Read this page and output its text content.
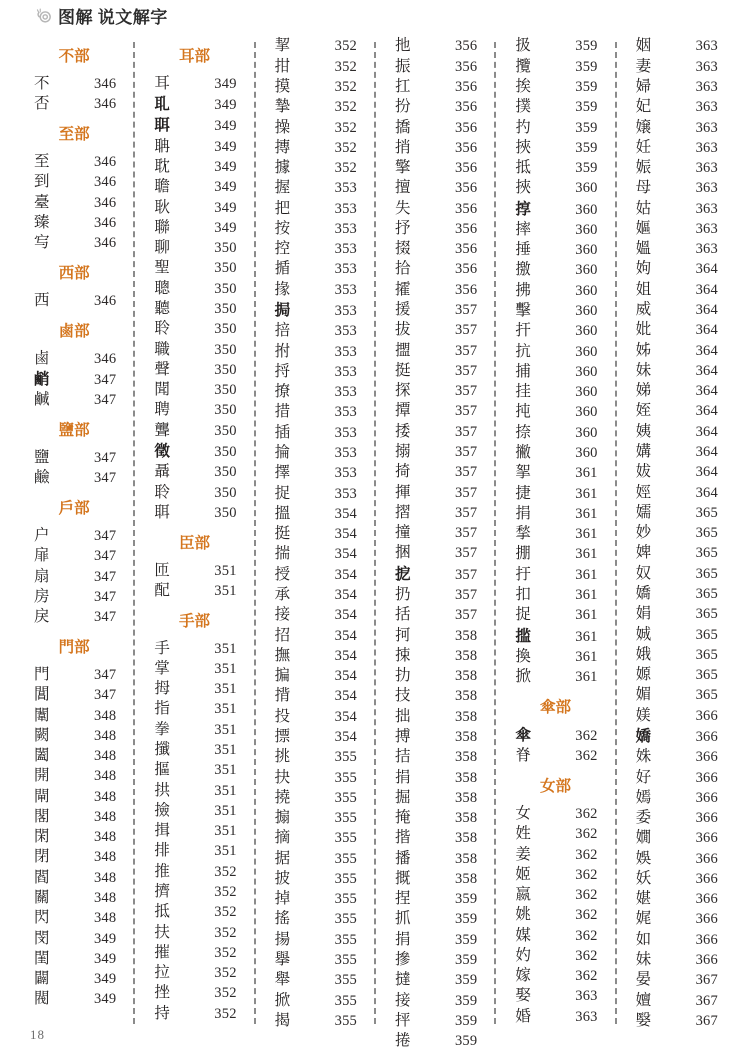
图解 说文解字
不部
不	346
否	346
至部
至	346
到	346
臺	346
臻	346
㝍	346
西部
西	346
鹵部
鹵	346
䴛	347
鹹	347
鹽部
鹽	347
鹼	347
戶部
户	347
扉	347
扇	347
房	347
戾	347
門部
門	347
閶	347
闈	348
闕	348
闔	348
開	348
閘	348
閣	348
閑	348
閉	348
閻	348
關	348
閃	348
閔	349
閨	349
闢	349
閥	349
耳部
耳	349
耴	349
聑	349
聃	349
耽	349
聸	349
耿	349
聯	349
聊	350
聖	350
聰	350
聽	350
聆	350
職	350
聲	350
聞	350
聘	350
聾	350
徵	350
聶	350
聆	350
聑	350
臣部
匝	351
配	351
手部
手	351
掌	351
拇	351
指	351
拳	351
攕	351
摳	351
拱	351
撿	351
揖	351
排	351
推	352
擠	352
抵	352
扶	352
摧	352
拉	352
挫	352
持	352
挈	352
拑	352
摸	352
摯	352
操	352
摶	352
據	352
握	353
把	353
按	353
控	353
揗	353
掾	353
挶	353
掊	353
拊	353
捋	353
撩	353
措	353
插	353
掄	353
擇	353
捉	353
搵	354
挺	354
揣	354
授	354
承	354
接	354
招	354
撫	354
揙	354
揹	354
投	354
摽	354
挑	355
抉	355
撓	355
搧	355
摘	355
据	355
披	355
掉	355
搖	355
揚	355
擧	355
舉	355
掀	355
揭	355
扡	356
振	356
扛	356
扮	356
撟	356
捎	356
擎	356
擅	356
失	356
抒	356
掇	356
拾	356
攉	356
援	357
拔	357
擝	357
挺	357
探	357
撢	357
捼	357
搦	357
掎	357
揮	357
摺	357
撞	357
捆	357
㧖	357
扔	357
括	357
抲	358
捒	358
扐	358
技	358
拙	358
搏	358
拮	358
捐	358
掘	358
掩	358
揩	358
播	358
摡	358
捏	359
抓	359
捐	359
摻	359
撻	359
接	359
抨	359
捲	359
扱	359
攬	359
挨	359
撲	359
扚	359
挾	359
抵	359
挾	360
㨃	360
摔	360
捶	360
撽	360
拂	360
擊	360
扞	360
抗	360
捕	360
挂	360
扽	360
捺	360
撇	360
挐	361
捷	361
捐	361
揫	361
掤	361
扜	361
扣	361
捉	361
㨫	361
換	361
掀	361
傘部
傘	362
脊	362
女部
女	362
姓	362
姜	362
姬	362
嬴	362
姚	362
媒	362
妁	362
嫁	362
娶	363
婚	363
姻	363
妻	363
婦	363
妃	363
嬢	363
妊	363
娠	363
母	363
姑	363
嫗	363
媼	363
姁	364
姐	364
威	364
妣	364
姊	364
妹	364
娣	364
姪	364
姨	364
媾	364
妭	364
娙	364
嬬	365
妙	365
婢	365
奴	365
嬌	365
娟	365
娍	365
娥	365
嫄	365
媚	365
媄	366
嬌	366
姝	366
好	366
嫣	366
委	366
嫺	366
娛	366
妖	366
媅	366
娓	366
如	366
妹	366
晏	367
嬗	367
嫛	367
18
